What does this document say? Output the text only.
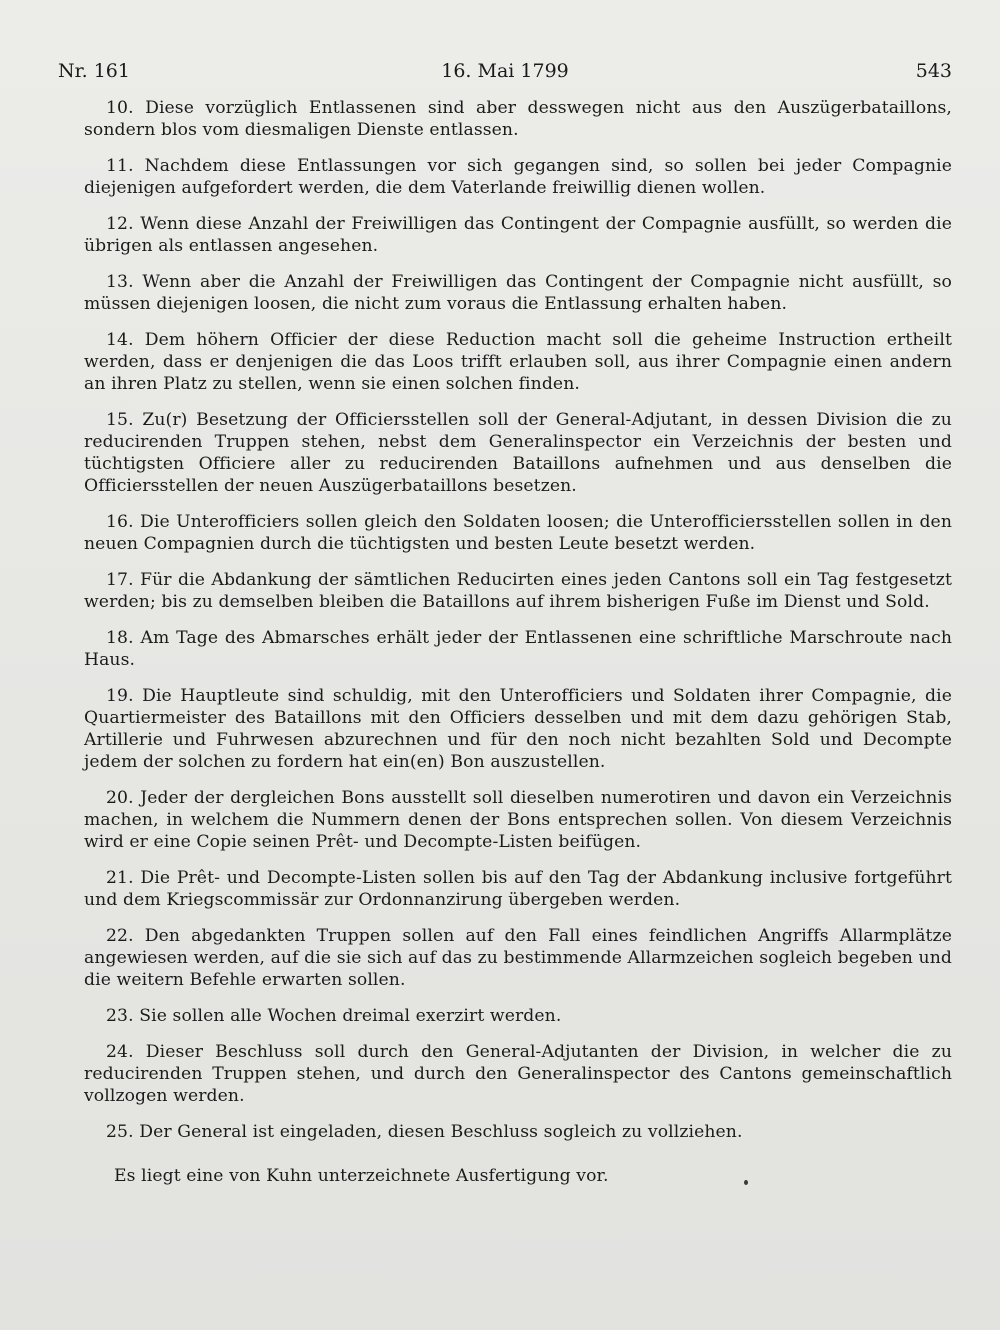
Nr. 161	16. Mai 1799	543

10. Diese vorzüglich Entlassenen sind aber desswegen nicht aus den Auszügerbataillons, sondern blos vom diesmaligen Dienste entlassen.

11. Nachdem diese Entlassungen vor sich gegangen sind, so sollen bei jeder Compagnie diejenigen aufgefordert werden, die dem Vaterlande freiwillig dienen wollen.

12. Wenn diese Anzahl der Freiwilligen das Contingent der Compagnie ausfüllt, so werden die übrigen als entlassen angesehen.

13. Wenn aber die Anzahl der Freiwilligen das Contingent der Compagnie nicht ausfüllt, so müssen diejenigen loosen, die nicht zum voraus die Entlassung erhalten haben.

14. Dem höhern Officier der diese Reduction macht soll die geheime Instruction ertheilt werden, dass er denjenigen die das Loos trifft erlauben soll, aus ihrer Compagnie einen andern an ihren Platz zu stellen, wenn sie einen solchen finden.

15. Zu(r) Besetzung der Officiersstellen soll der General-Adjutant, in dessen Division die zu reducirenden Truppen stehen, nebst dem Generalinspector ein Verzeichnis der besten und tüchtigsten Officiere aller zu reducirenden Bataillons aufnehmen und aus denselben die Officiersstellen der neuen Auszügerbataillons besetzen.

16. Die Unterofficiers sollen gleich den Soldaten loosen; die Unterofficiersstellen sollen in den neuen Compagnien durch die tüchtigsten und besten Leute besetzt werden.

17. Für die Abdankung der sämtlichen Reducirten eines jeden Cantons soll ein Tag festgesetzt werden; bis zu demselben bleiben die Bataillons auf ihrem bisherigen Fuße im Dienst und Sold.

18. Am Tage des Abmarsches erhält jeder der Entlassenen eine schriftliche Marschroute nach Haus.

19. Die Hauptleute sind schuldig, mit den Unterofficiers und Soldaten ihrer Compagnie, die Quartiermeister des Bataillons mit den Officiers desselben und mit dem dazu gehörigen Stab, Artillerie und Fuhrwesen abzurechnen und für den noch nicht bezahlten Sold und Decompte jedem der solchen zu fordern hat ein(en) Bon auszustellen.

20. Jeder der dergleichen Bons ausstellt soll dieselben numerotiren und davon ein Verzeichnis machen, in welchem die Nummern denen der Bons entsprechen sollen. Von diesem Verzeichnis wird er eine Copie seinen Prêt- und Decompte-Listen beifügen.

21. Die Prêt- und Decompte-Listen sollen bis auf den Tag der Abdankung inclusive fortgeführt und dem Kriegscommissär zur Ordonnanzirung übergeben werden.

22. Den abgedankten Truppen sollen auf den Fall eines feindlichen Angriffs Allarmplätze angewiesen werden, auf die sie sich auf das zu bestimmende Allarmzeichen sogleich begeben und die weitern Befehle erwarten sollen.

23. Sie sollen alle Wochen dreimal exerzirt werden.

24. Dieser Beschluss soll durch den General-Adjutanten der Division, in welcher die zu reducirenden Truppen stehen, und durch den Generalinspector des Cantons gemeinschaftlich vollzogen werden.

25. Der General ist eingeladen, diesen Beschluss sogleich zu vollziehen.

Es liegt eine von Kuhn unterzeichnete Ausfertigung vor.
